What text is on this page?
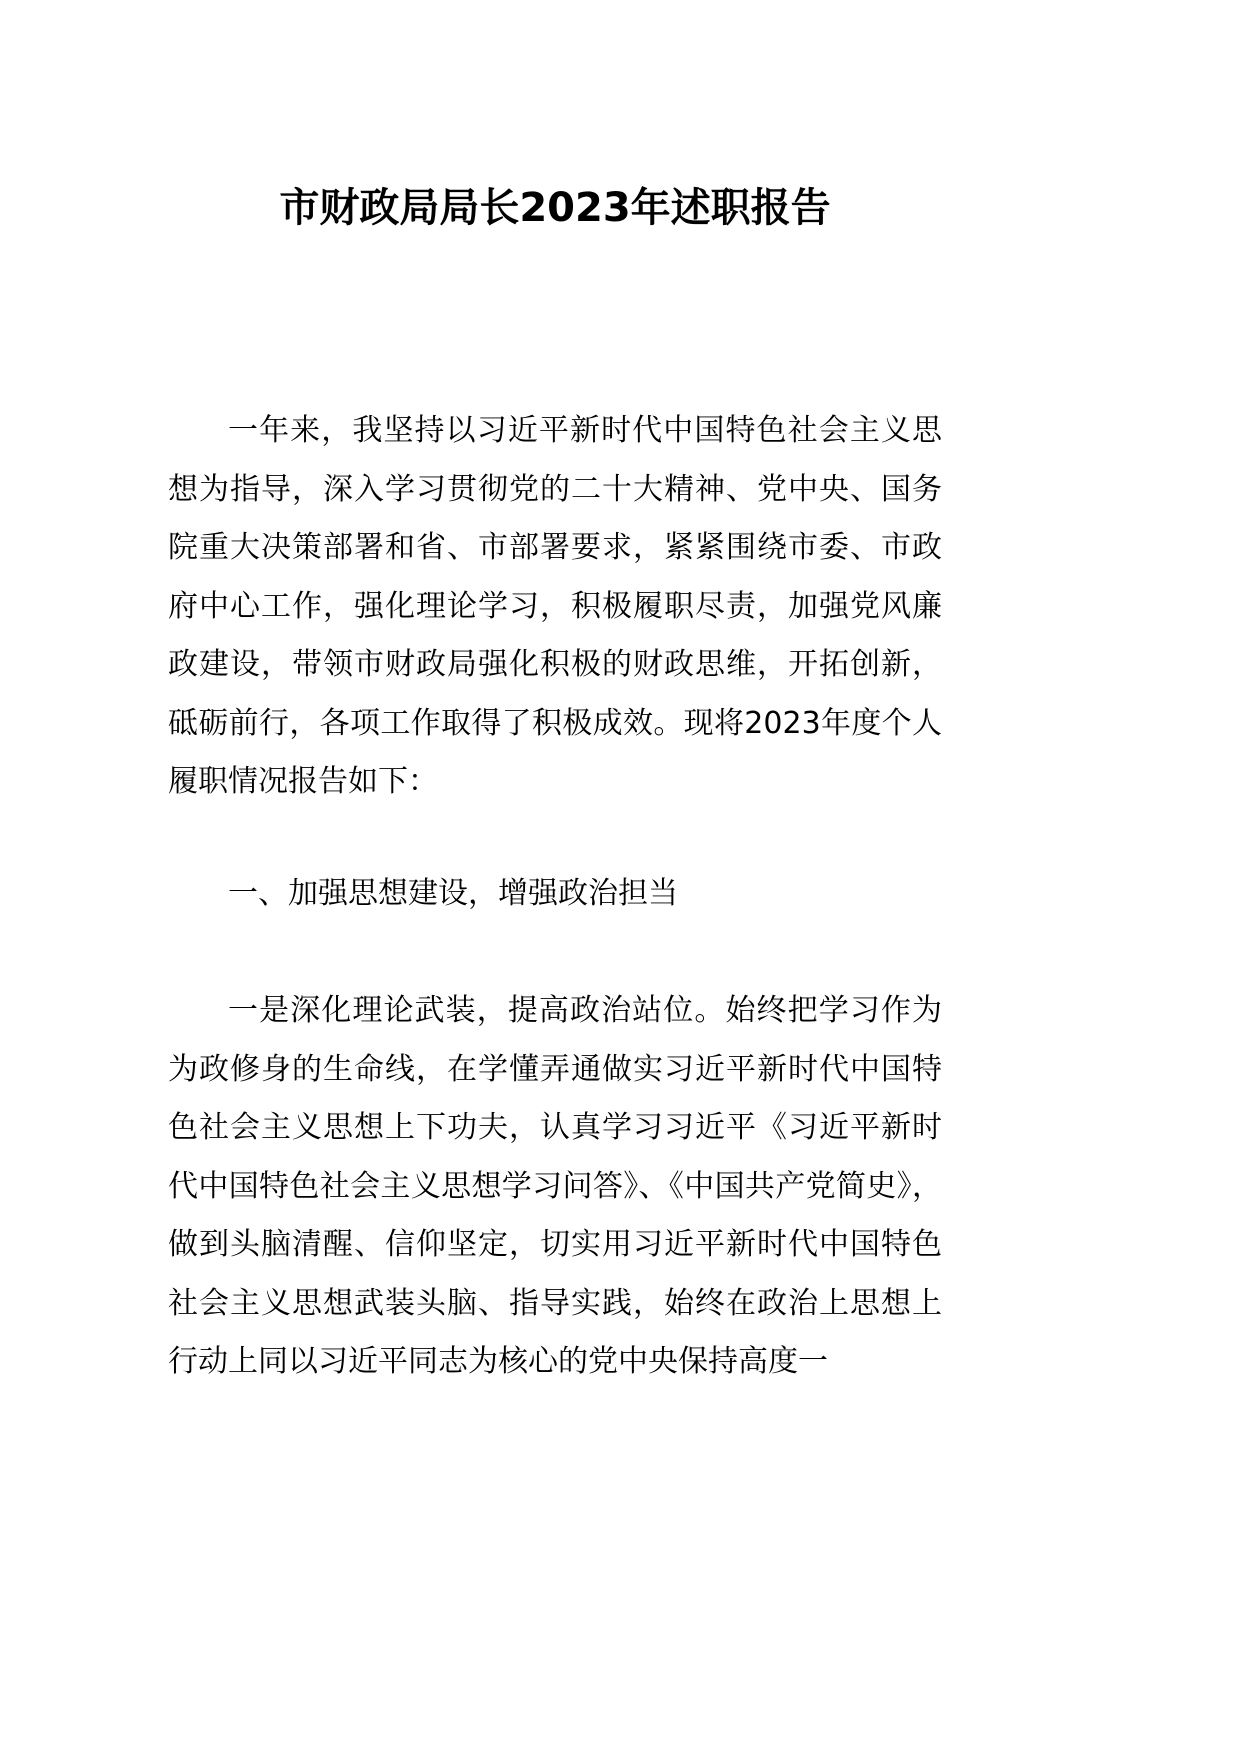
市财政局局长2023年述职报告
一年来，我坚持以习近平新时代中国特色社会主义思想为指导，深入学习贯彻党的二十大精神、党中央、国务院重大决策部署和省、市部署要求，紧紧围绕市委、市政府中心工作，强化理论学习，积极履职尽责，加强党风廉政建设，带领市财政局强化积极的财政思维，开拓创新，砥砺前行，各项工作取得了积极成效。现将2023年度个人履职情况报告如下：
一、加强思想建设，增强政治担当
一是深化理论武装，提高政治站位。始终把学习作为为政修身的生命线，在学懂弄通做实习近平新时代中国特色社会主义思想上下功夫，认真学习习近平《习近平新时代中国特色社会主义思想学习问答》、《中国共产党简史》，做到头脑清醒、信仰坚定，切实用习近平新时代中国特色社会主义思想武装头脑、指导实践，始终在政治上思想上行动上同以习近平同志为核心的党中央保持高度一
